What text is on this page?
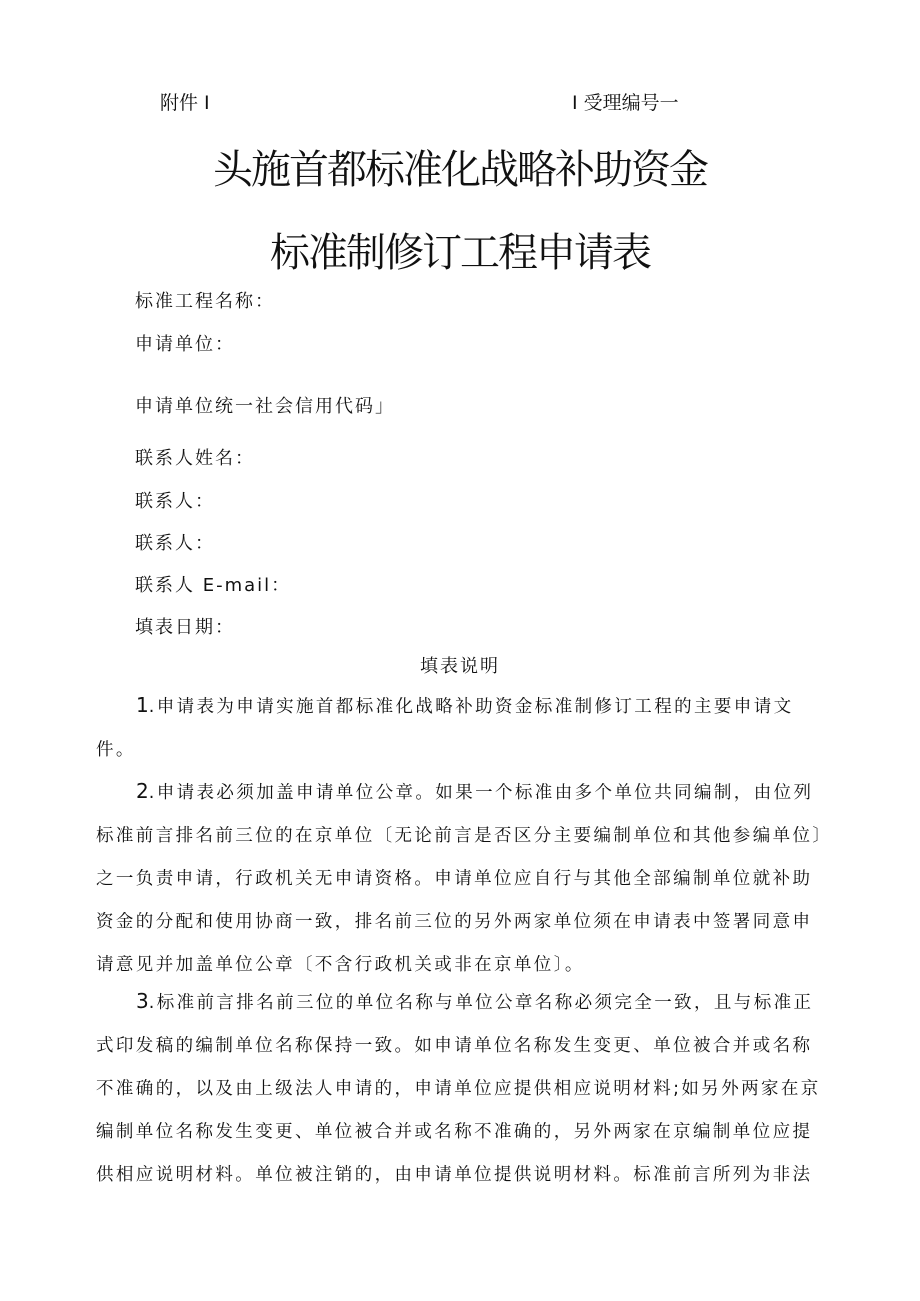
附件 I	I 受理编号一
头施首都标准化战略补助资金
标准制修订工程申请表
标准工程名称：
申请单位：
申请单位统一社会信用代码」
联系人姓名：
联系人：
联系人：
联系人 E-mail：
填表日期：
填表说明
1.申请表为申请实施首都标准化战略补助资金标准制修订工程的主要申请文
件。
2.申请表必须加盖申请单位公章。如果一个标准由多个单位共同编制，由位列
标准前言排名前三位的在京单位〔无论前言是否区分主要编制单位和其他参编单位〕
之一负责申请，行政机关无申请资格。申请单位应自行与其他全部编制单位就补助
资金的分配和使用协商一致，排名前三位的另外两家单位须在申请表中签署同意申
请意见并加盖单位公章〔不含行政机关或非在京单位〕。
3.标准前言排名前三位的单位名称与单位公章名称必须完全一致，且与标准正
式印发稿的编制单位名称保持一致。如申请单位名称发生变更、单位被合并或名称
不准确的，以及由上级法人申请的，申请单位应提供相应说明材料;如另外两家在京
编制单位名称发生变更、单位被合并或名称不准确的，另外两家在京编制单位应提
供相应说明材料。单位被注销的，由申请单位提供说明材料。标准前言所列为非法
